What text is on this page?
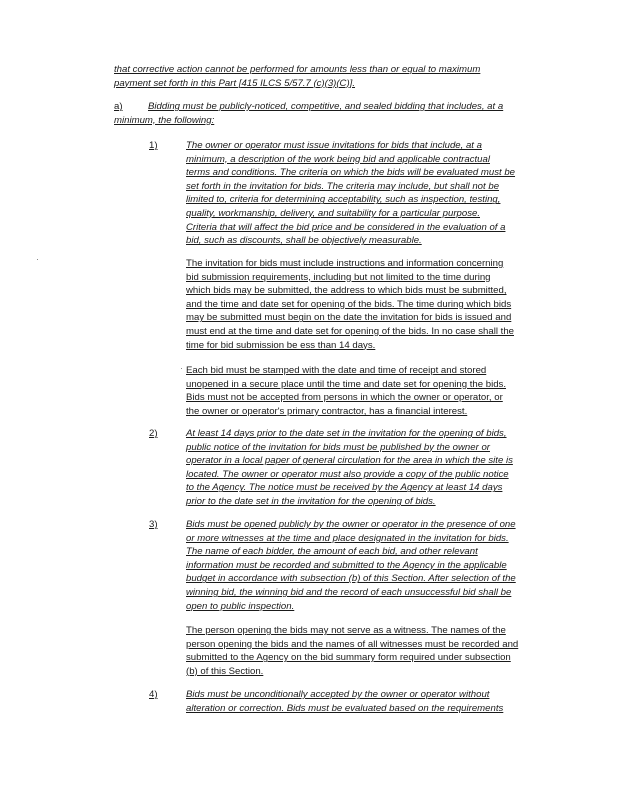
that corrective action cannot be performed for amounts less than or equal to maximum

payment set forth in this Part [415 ILCS 5/57.7 (c)(3)(C)].

a)	Bidding must be publicly-noticed, competitive, and sealed bidding that includes, at a

minimum, the following:

1)	The owner or operator must issue invitations for bids that include, at a

minimum, a description of the work being bid and applicable contractual

terms and conditions. The criteria on which the bids will be evaluated must be

set forth in the invitation for bids. The criteria may include, but shall not be

limited to, criteria for determining acceptability, such as inspection, testing,

quality, workmanship, delivery, and suitability for a particular purpose.

Criteria that will affect the bid price and be considered in the evaluation of a

bid, such as discounts, shall be objectively measurable.

The invitation for bids must include instructions and information concerning

bid submission requirements, including but not limited to the time during

which bids may be submitted, the address to which bids must be submitted,

and the time and date set for opening of the bids. The time during which bids

may be submitted must begin on the date the invitation for bids is issued and

must end at the time and date set for opening of the bids. In no case shall the

time for bid submission be ess than 14 days.

Each bid must be stamped with the date and time of receipt and stored

unopened in a secure place until the time and date set for opening the bids.

Bids must not be accepted from persons in which the owner or operator, or

the owner or operator's primary contractor, has a financial interest.

2)	At least 14 days prior to the date set in the invitation for the opening of bids,

public notice of the invitation for bids must be published by the owner or

operator in a local paper of general circulation for the area in which the site is

located. The owner or operator must also provide a copy of the public notice

to the Agency. The notice must be received by the Agency at least 14 days

prior to the date set in the invitation for the opening of bids.

3)	Bids must be opened publicly by the owner or operator in the presence of one

or more witnesses at the time and place designated in the invitation for bids.

The name of each bidder, the amount of each bid, and other relevant

information must be recorded and submitted to the Agency in the applicable

budget in accordance with subsection (b) of this Section. After selection of the

winning bid, the winning bid and the record of each unsuccessful bid shall be

open to public inspection.

The person opening the bids may not serve as a witness. The names of the

person opening the bids and the names of all witnesses must be recorded and

submitted to the Agency on the bid summary form required under subsection

(b) of this Section.

4)	Bids must be unconditionally accepted by the owner or operator without

alteration or correction. Bids must be evaluated based on the requirements
